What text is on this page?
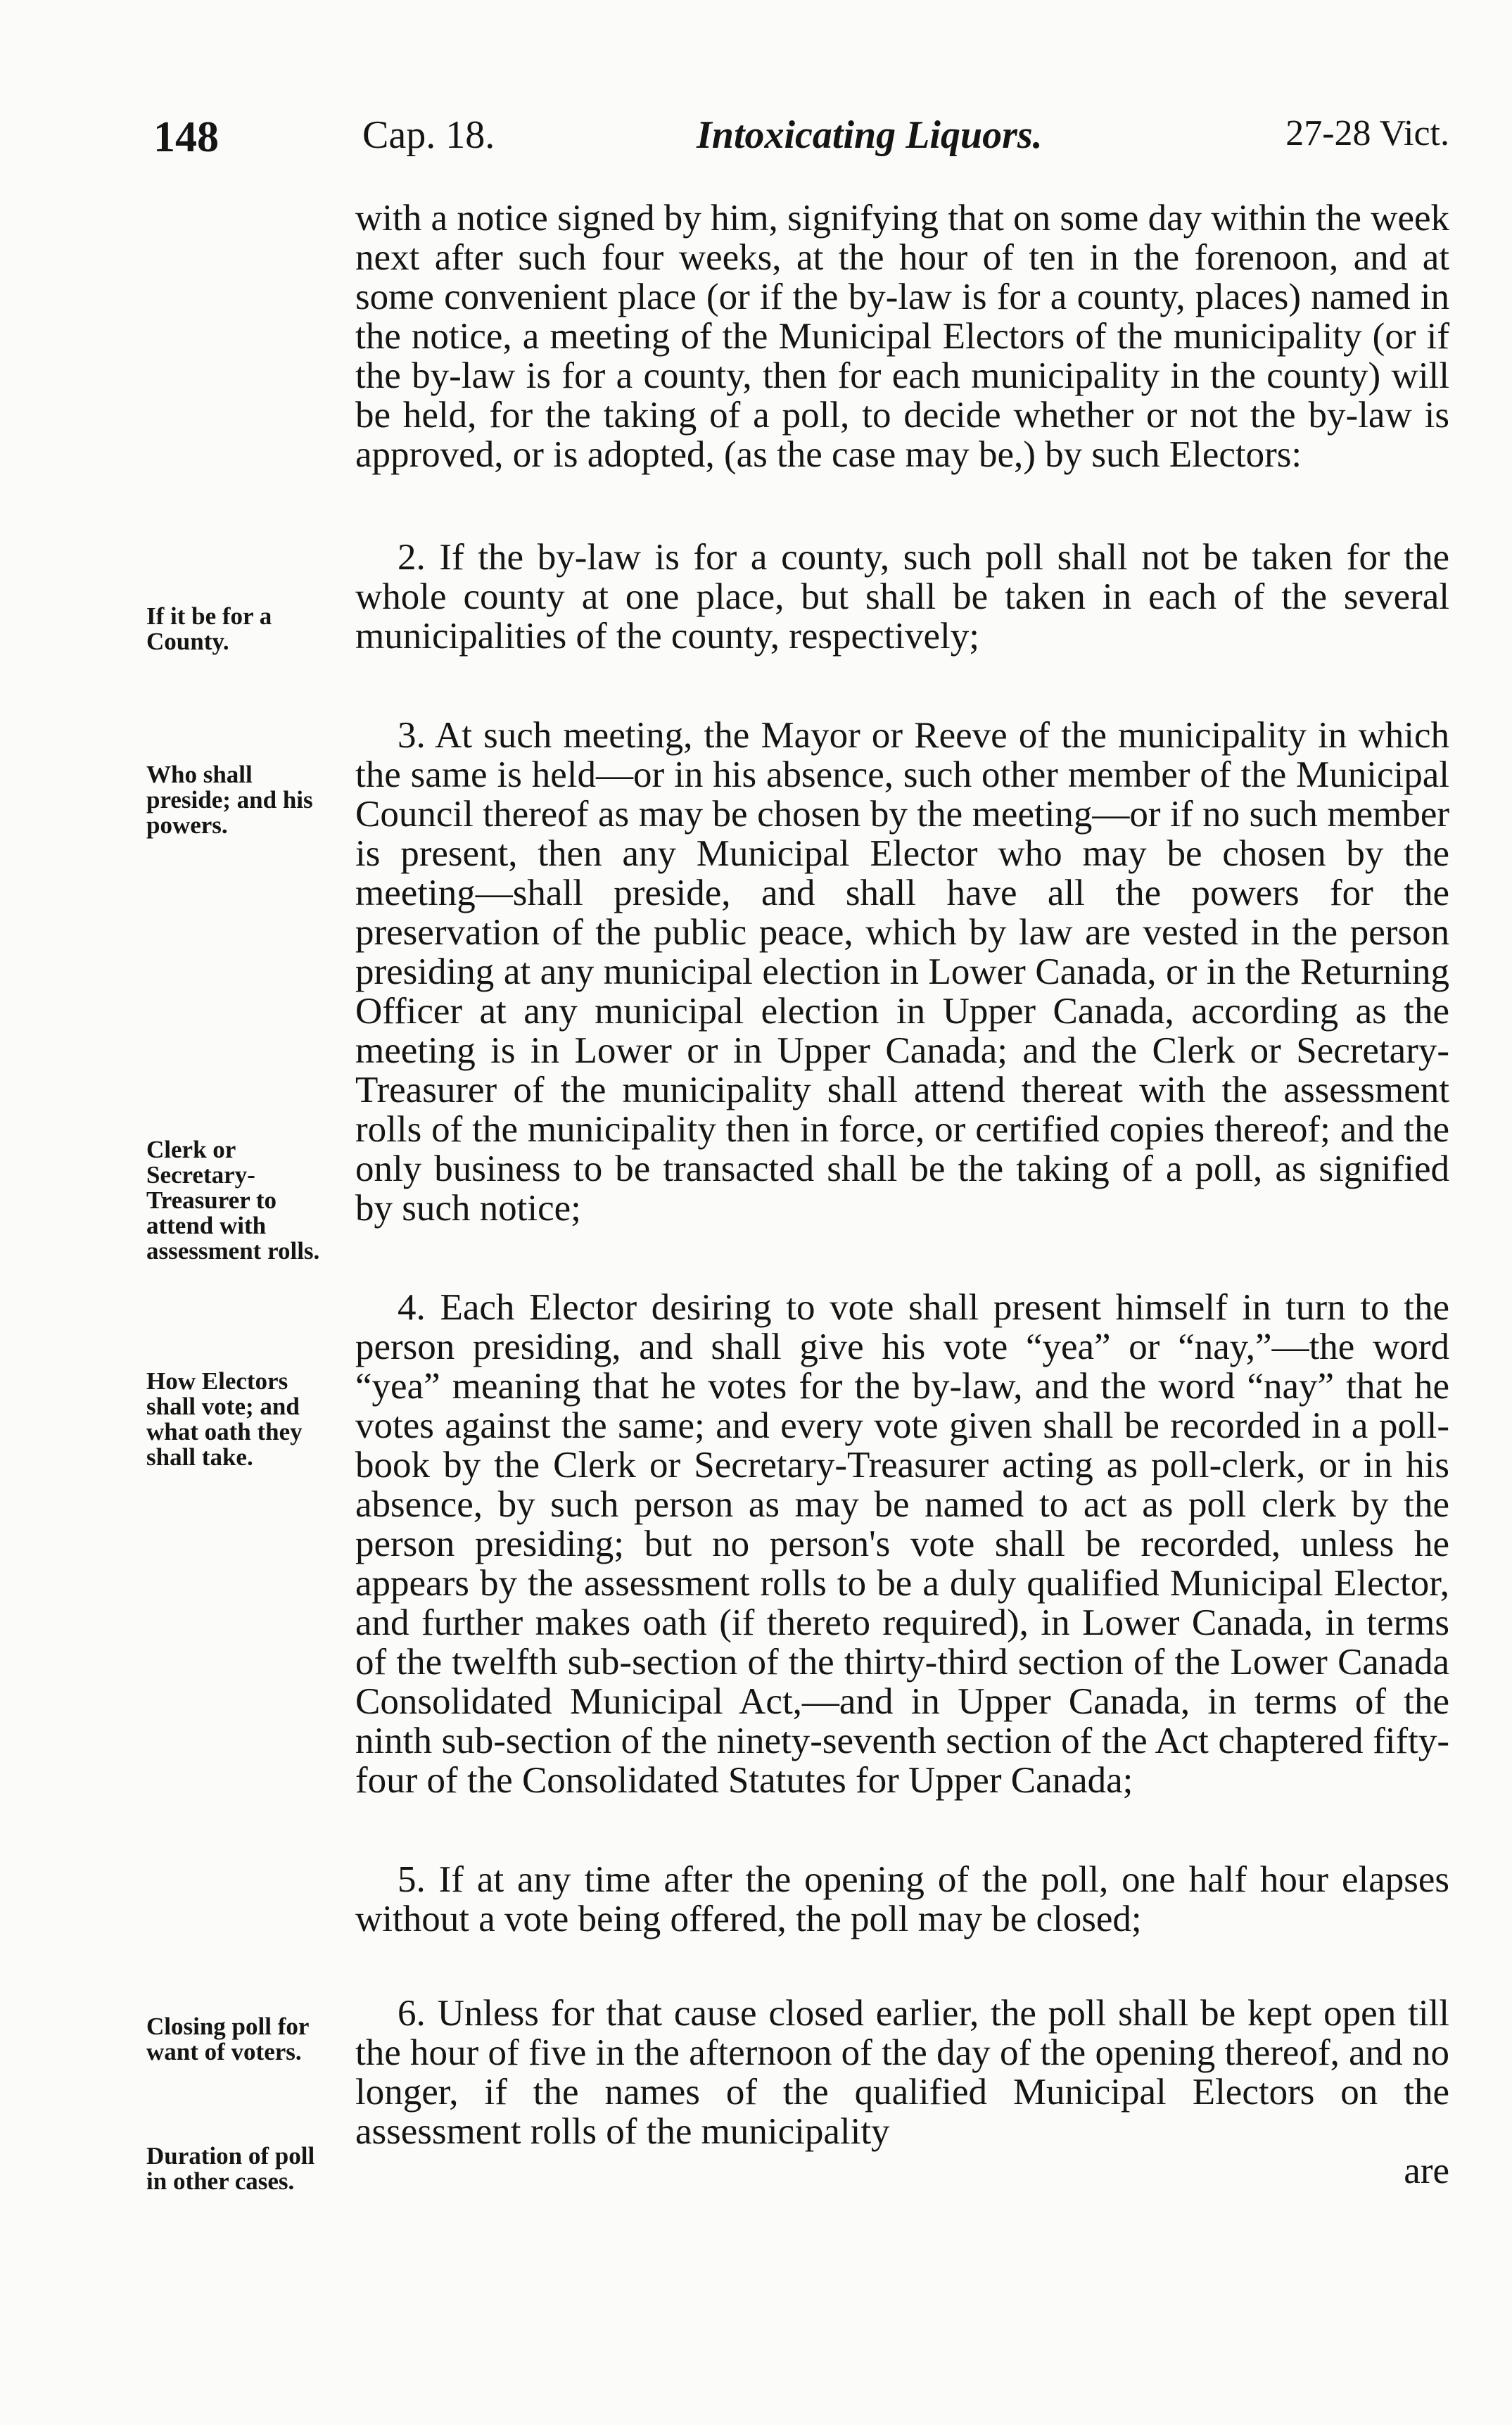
148	Cap. 18.	Intoxicating Liquors.	27-28 Vict.
If it be for a County.
Who shall preside; and his powers.
Clerk or Secretary-Treasurer to attend with assessment rolls.
How Electors shall vote; and what oath they shall take.
Closing poll for want of voters.
Duration of poll in other cases.

with a notice signed by him, signifying that on some day within the week next after such four weeks, at the hour of ten in the forenoon, and at some convenient place (or if the by-law is for a county, places) named in the notice, a meeting of the Municipal Electors of the municipality (or if the by-law is for a county, then for each municipality in the county) will be held, for the taking of a poll, to decide whether or not the by-law is approved, or is adopted, (as the case may be,) by such Electors:

2. If the by-law is for a county, such poll shall not be taken for the whole county at one place, but shall be taken in each of the several municipalities of the county, respectively;

3. At such meeting, the Mayor or Reeve of the municipality in which the same is held—or in his absence, such other member of the Municipal Council thereof as may be chosen by the meeting—or if no such member is present, then any Municipal Elector who may be chosen by the meeting—shall preside, and shall have all the powers for the preservation of the public peace, which by law are vested in the person presiding at any municipal election in Lower Canada, or in the Returning Officer at any municipal election in Upper Canada, according as the meeting is in Lower or in Upper Canada; and the Clerk or Secretary-Treasurer of the municipality shall attend thereat with the assessment rolls of the municipality then in force, or certified copies thereof; and the only business to be transacted shall be the taking of a poll, as signified by such notice;

4. Each Elector desiring to vote shall present himself in turn to the person presiding, and shall give his vote “yea” or “nay,”—the word “yea” meaning that he votes for the by-law, and the word “nay” that he votes against the same; and every vote given shall be recorded in a poll-book by the Clerk or Secretary-Treasurer acting as poll-clerk, or in his absence, by such person as may be named to act as poll clerk by the person presiding; but no person's vote shall be recorded, unless he appears by the assessment rolls to be a duly qualified Municipal Elector, and further makes oath (if thereto required), in Lower Canada, in terms of the twelfth sub-section of the thirty-third section of the Lower Canada Consolidated Municipal Act,—and in Upper Canada, in terms of the ninth sub-section of the ninety-seventh section of the Act chaptered fifty-four of the Consolidated Statutes for Upper Canada;

5. If at any time after the opening of the poll, one half hour elapses without a vote being offered, the poll may be closed;

6. Unless for that cause closed earlier, the poll shall be kept open till the hour of five in the afternoon of the day of the opening thereof, and no longer, if the names of the qualified Municipal Electors on the assessment rolls of the municipality

are
